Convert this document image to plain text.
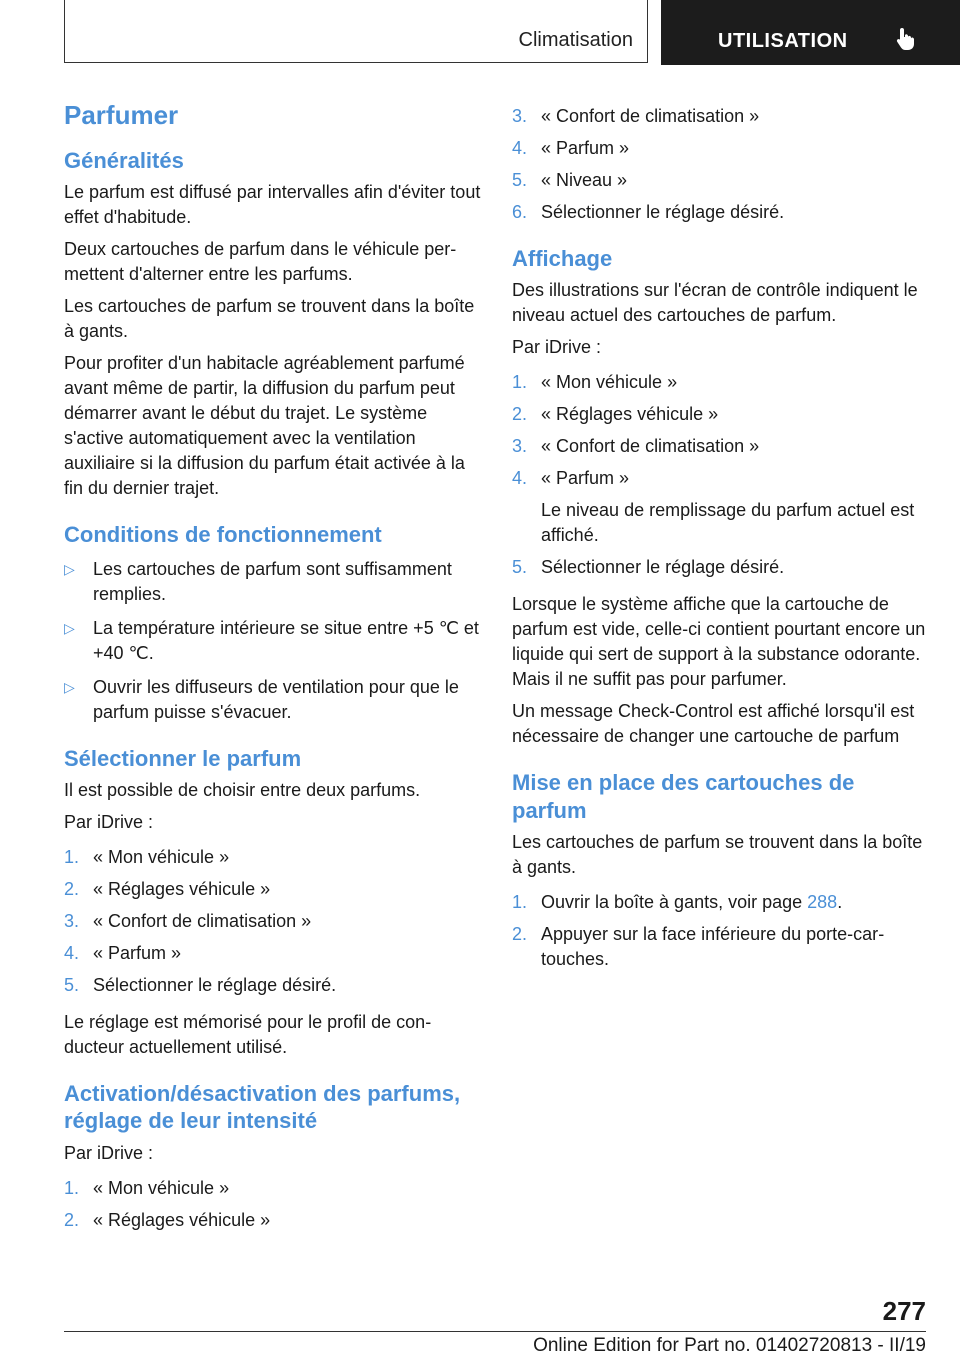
Climatisation	UTILISATION
Parfumer
Généralités

Le parfum est diffusé par intervalles afin d'éviter tout effet d'habitude.

Deux cartouches de parfum dans le véhicule permettent d'alterner entre les parfums.

Les cartouches de parfum se trouvent dans la boîte à gants.

Pour profiter d'un habitacle agréablement parfumé avant même de partir, la diffusion du parfum peut démarrer avant le début du trajet. Le système s'active automatiquement avec la ventilation auxiliaire si la diffusion du parfum était activée à la fin du dernier trajet.

Conditions de fonctionnement
▷ Les cartouches de parfum sont suffisamment remplies.
▷ La température intérieure se situe entre +5 ℃ et +40 ℃.
▷ Ouvrir les diffuseurs de ventilation pour que le parfum puisse s'évacuer.
Sélectionner le parfum

Il est possible de choisir entre deux parfums.

Par iDrive :

1. « Mon véhicule »
2. « Réglages véhicule »
3. « Confort de climatisation »
4. « Parfum »
5. Sélectionner le réglage désiré.

Le réglage est mémorisé pour le profil de conducteur actuellement utilisé.

Activation/désactivation des parfums, réglage de leur intensité

Par iDrive :

1. « Mon véhicule »
2. « Réglages véhicule »
3. « Confort de climatisation »
4. « Parfum »
5. « Niveau »
6. Sélectionner le réglage désiré.
Affichage

Des illustrations sur l'écran de contrôle indiquent le niveau actuel des cartouches de parfum.

Par iDrive :

1. « Mon véhicule »
2. « Réglages véhicule »
3. « Confort de climatisation »
4. « Parfum »
Le niveau de remplissage du parfum actuel est affiché.
5. Sélectionner le réglage désiré.

Lorsque le système affiche que la cartouche de parfum est vide, celle-ci contient pourtant encore un liquide qui sert de support à la substance odorante. Mais il ne suffit pas pour parfumer.

Un message Check-Control est affiché lorsqu'il est nécessaire de changer une cartouche de parfum

Mise en place des cartouches de parfum

Les cartouches de parfum se trouvent dans la boîte à gants.

1. Ouvrir la boîte à gants, voir page 288.
2. Appuyer sur la face inférieure du porte-cartouches.
277
Online Edition for Part no. 01402720813 - II/19
